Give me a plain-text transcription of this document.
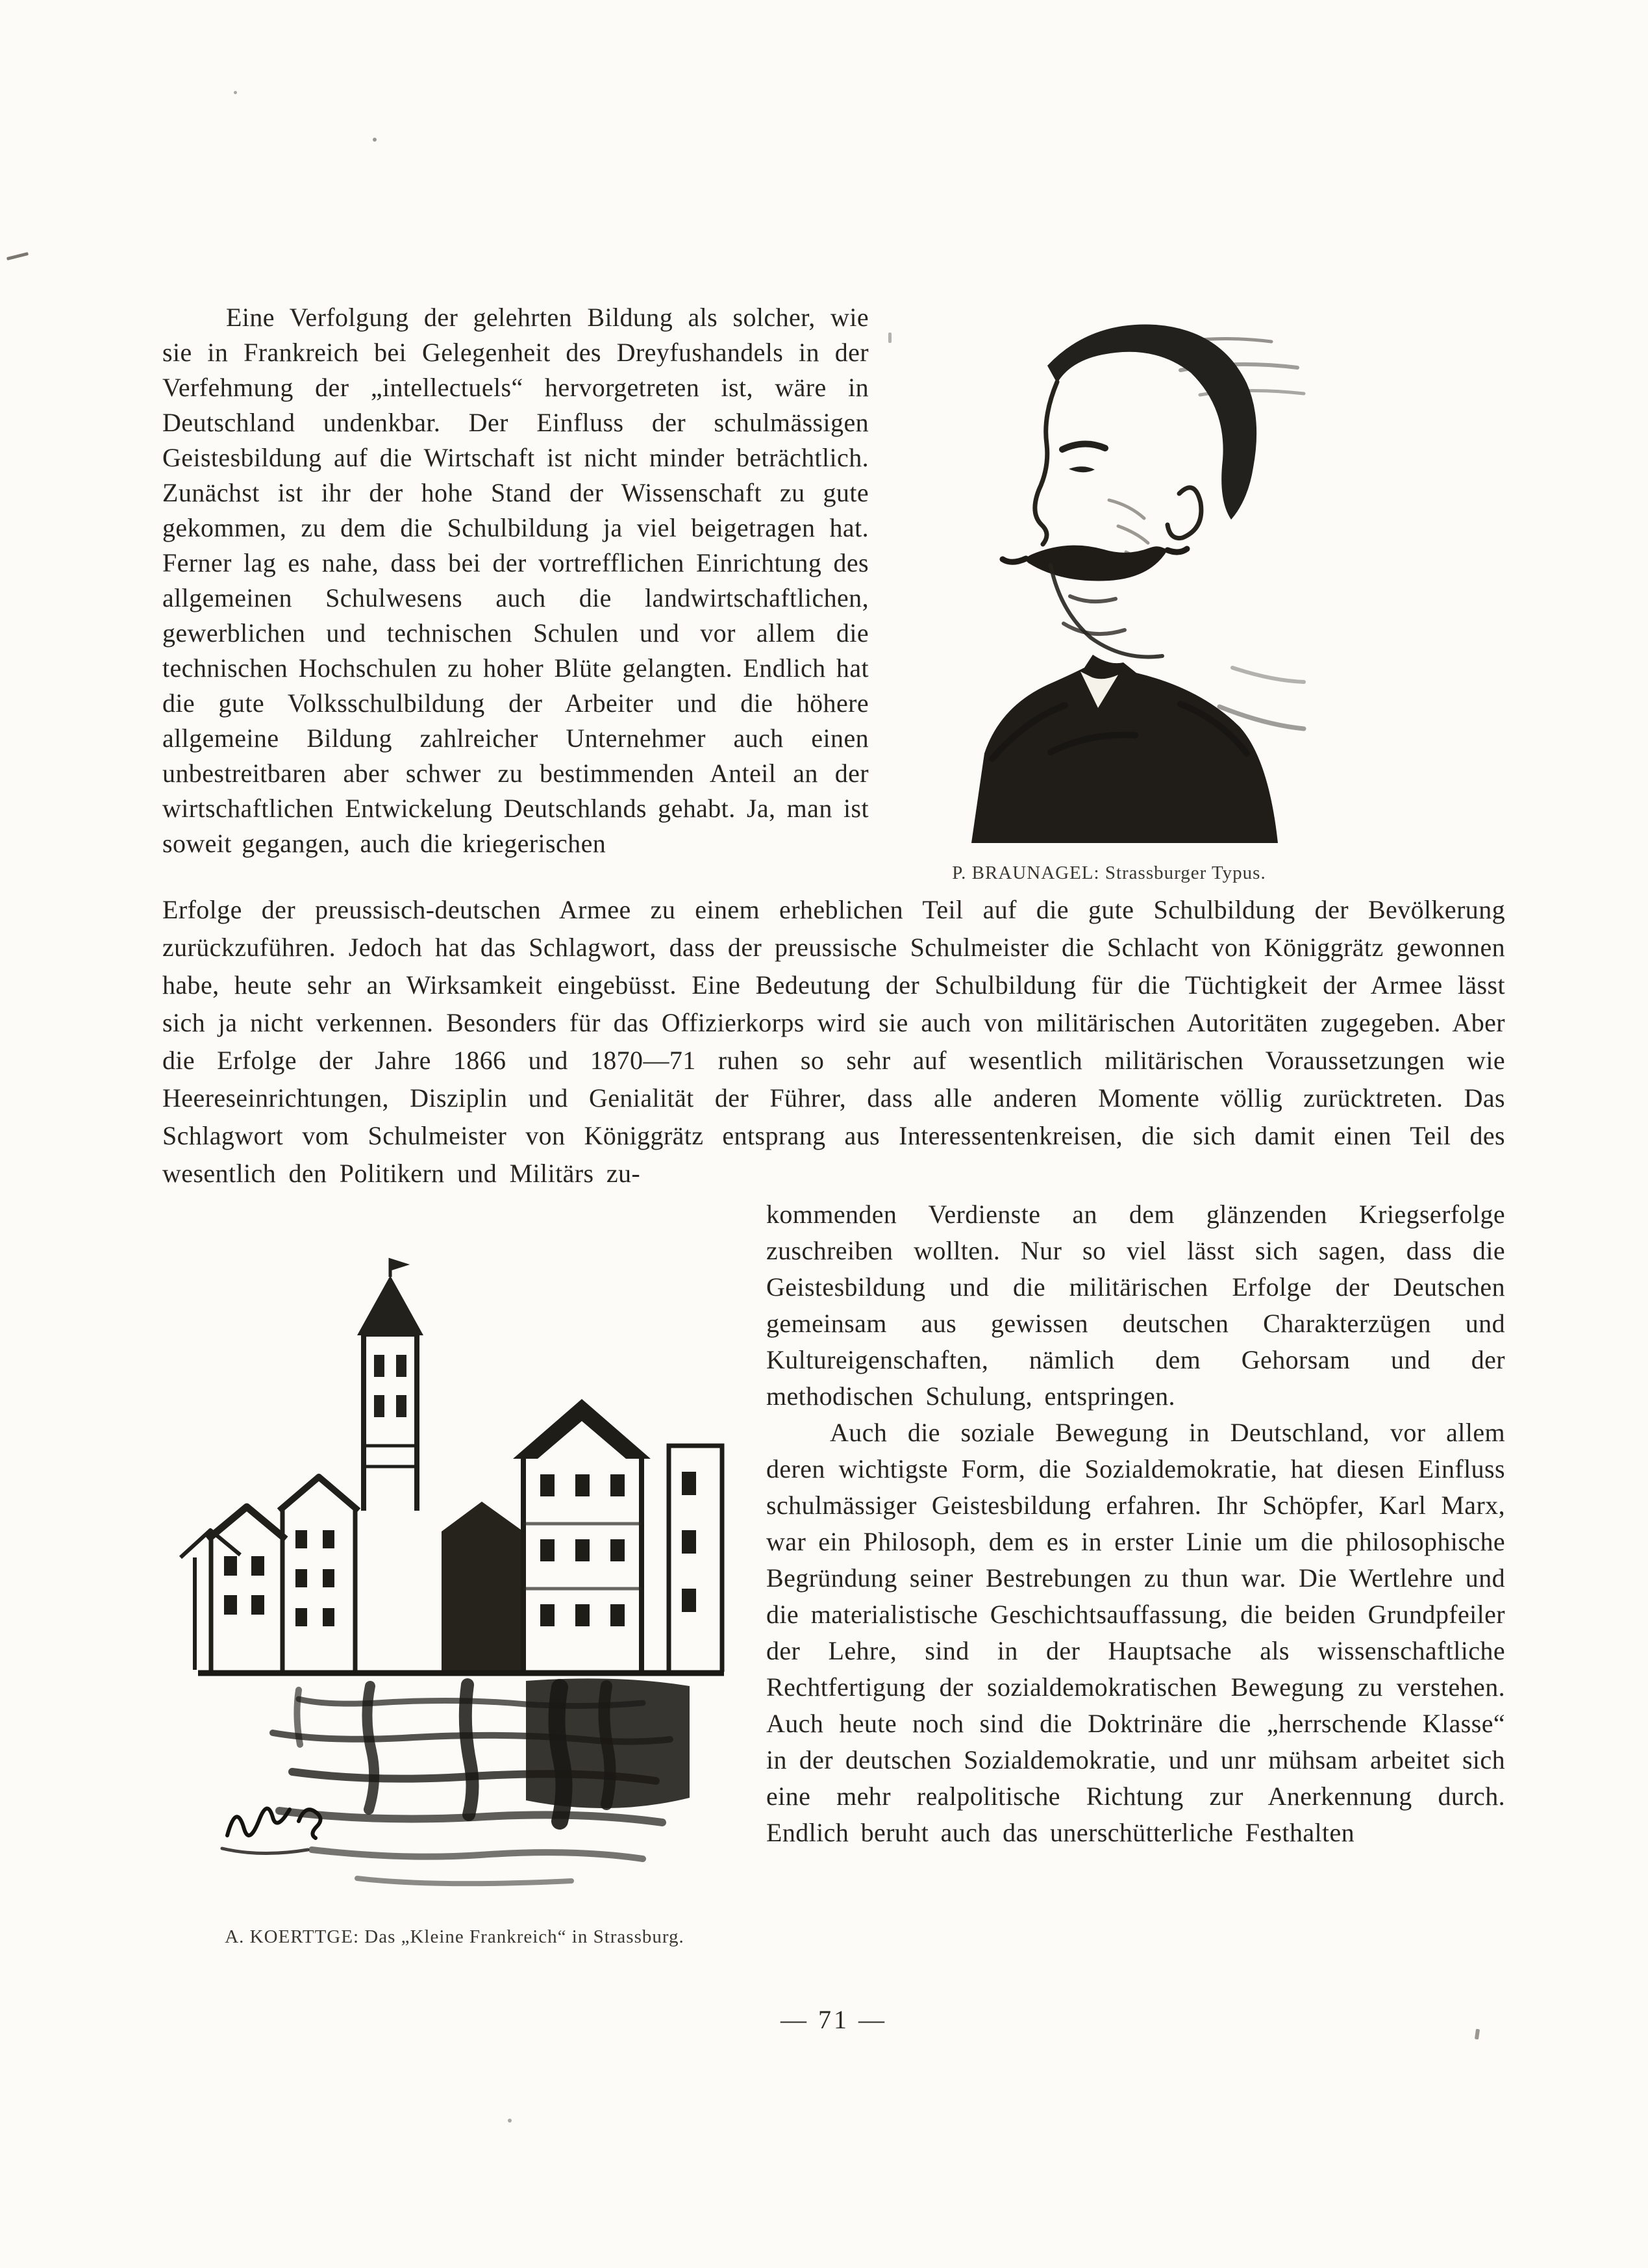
Eine Verfolgung der gelehrten Bildung als solcher, wie sie in Frankreich bei Gelegenheit des Dreyfushandels in der Verfehmung der „intellectuels“ hervorgetreten ist, wäre in Deutschland undenkbar. Der Einfluss der schulmässigen Geistesbildung auf die Wirtschaft ist nicht minder beträchtlich. Zunächst ist ihr der hohe Stand der Wissenschaft zu gute gekommen, zu dem die Schulbildung ja viel beigetragen hat. Ferner lag es nahe, dass bei der vortrefflichen Einrichtung des allgemeinen Schulwesens auch die landwirtschaftlichen, gewerblichen und technischen Schulen und vor allem die technischen Hochschulen zu hoher Blüte gelangten. Endlich hat die gute Volksschulbildung der Arbeiter und die höhere allgemeine Bildung zahlreicher Unternehmer auch einen unbestreitbaren aber schwer zu bestimmenden Anteil an der wirtschaftlichen Entwickelung Deutschlands gehabt. Ja, man ist soweit gegangen, auch die kriegerischen

P. BRAUNAGEL: Strassburger Typus.

Erfolge der preussisch-deutschen Armee zu einem erheblichen Teil auf die gute Schulbildung der Bevölkerung zurückzuführen. Jedoch hat das Schlagwort, dass der preussische Schulmeister die Schlacht von Königgrätz gewonnen habe, heute sehr an Wirksamkeit eingebüsst. Eine Bedeutung der Schulbildung für die Tüchtigkeit der Armee lässt sich ja nicht verkennen. Besonders für das Offizierkorps wird sie auch von militärischen Autoritäten zugegeben. Aber die Erfolge der Jahre 1866 und 1870—71 ruhen so sehr auf wesentlich militärischen Voraussetzungen wie Heereseinrichtungen, Disziplin und Genialität der Führer, dass alle anderen Momente völlig zurücktreten. Das Schlagwort vom Schulmeister von Königgrätz entsprang aus Interessentenkreisen, die sich damit einen Teil des wesentlich den Politikern und Militärs zu-

A. KOERTTGE: Das „Kleine Frankreich“ in Strassburg.

kommenden Verdienste an dem glänzenden Kriegserfolge zuschreiben wollten. Nur so viel lässt sich sagen, dass die Geistesbildung und die militärischen Erfolge der Deutschen gemeinsam aus gewissen deutschen Charakterzügen und Kultureigenschaften, nämlich dem Gehorsam und der methodischen Schulung, entspringen.

Auch die soziale Bewegung in Deutschland, vor allem deren wichtigste Form, die Sozialdemokratie, hat diesen Einfluss schulmässiger Geistesbildung erfahren. Ihr Schöpfer, Karl Marx, war ein Philosoph, dem es in erster Linie um die philosophische Begründung seiner Bestrebungen zu thun war. Die Wertlehre und die materialistische Geschichtsauffassung, die beiden Grundpfeiler der Lehre, sind in der Hauptsache als wissenschaftliche Rechtfertigung der sozialdemokratischen Bewegung zu verstehen. Auch heute noch sind die Doktrinäre die „herrschende Klasse“ in der deutschen Sozialdemokratie, und unr mühsam arbeitet sich eine mehr realpolitische Richtung zur Anerkennung durch. Endlich beruht auch das unerschütterliche Festhalten

— 71 —
